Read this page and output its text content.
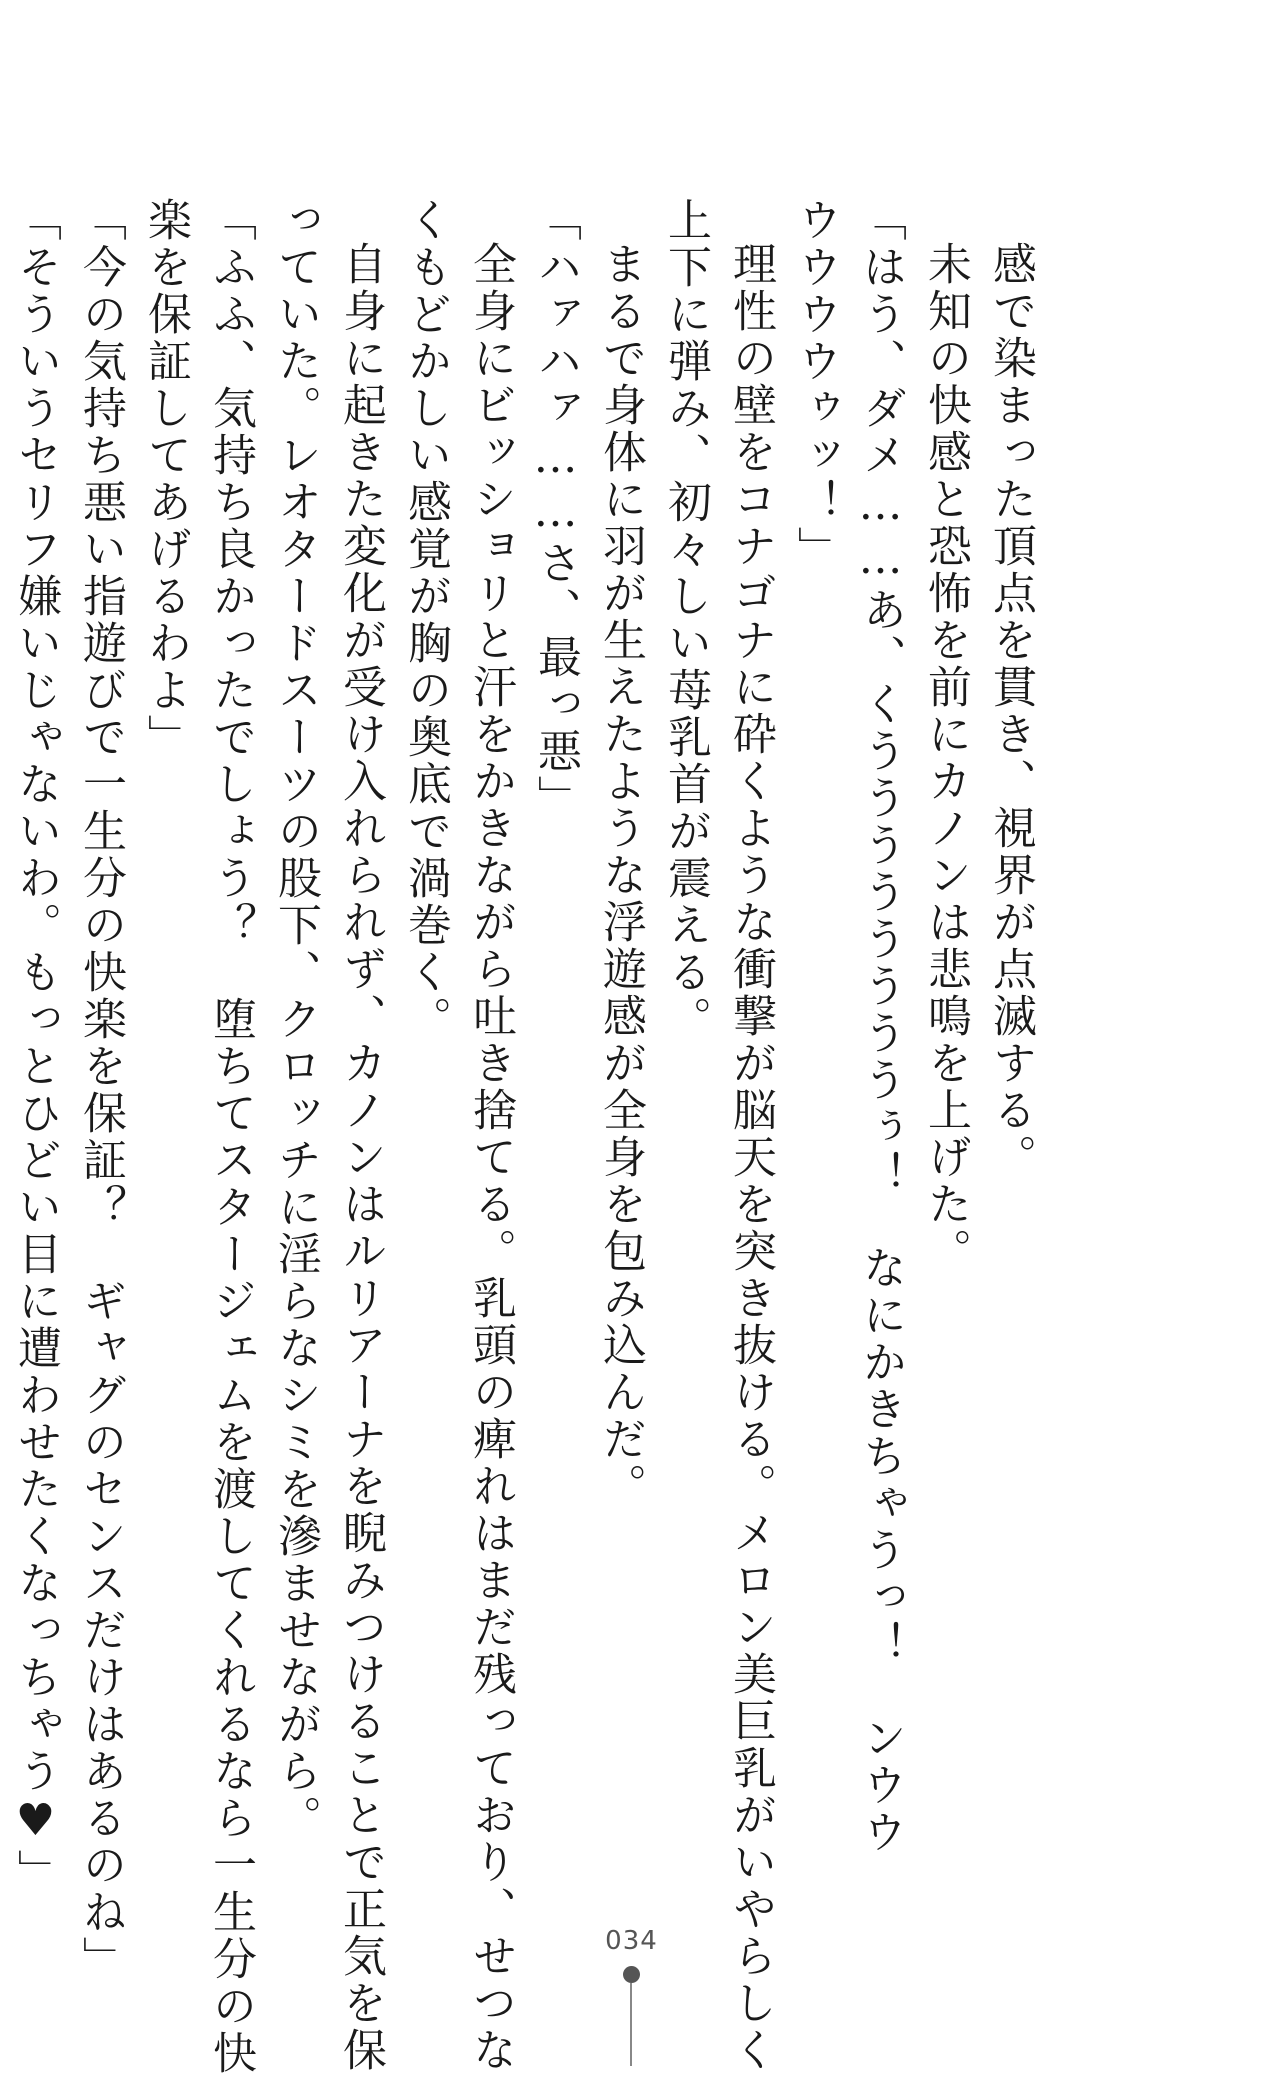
感で染まった頂点を貫き、視界が点滅する。

未知の快感と恐怖を前にカノンは悲鳴を上げた。

「はう、ダメ……あ、くううううううううぅ！　なにかきちゃうっ！　ンウウ

ウウウウゥッ！」

理性の壁をコナゴナに砕くような衝撃が脳天を突き抜ける。メロン美巨乳がいやらしく

上下に弾み、初々しい苺乳首が震える。

まるで身体に羽が生えたような浮遊感が全身を包み込んだ。

「ハァハァ……さ、最っ悪」

全身にビッショリと汗をかきながら吐き捨てる。乳頭の痺れはまだ残っており、せつな

くもどかしい感覚が胸の奥底で渦巻く。

自身に起きた変化が受け入れられず、カノンはルリアーナを睨みつけることで正気を保

っていた。レオタードスーツの股下、クロッチに淫らなシミを滲ませながら。

「ふふ、気持ち良かったでしょう？　堕ちてスタージェムを渡してくれるなら一生分の快

楽を保証してあげるわよ」

「今の気持ち悪い指遊びで一生分の快楽を保証？　ギャグのセンスだけはあるのね」

「そういうセリフ嫌いじゃないわ。もっとひどい目に遭わせたくなっちゃう♥」

034
